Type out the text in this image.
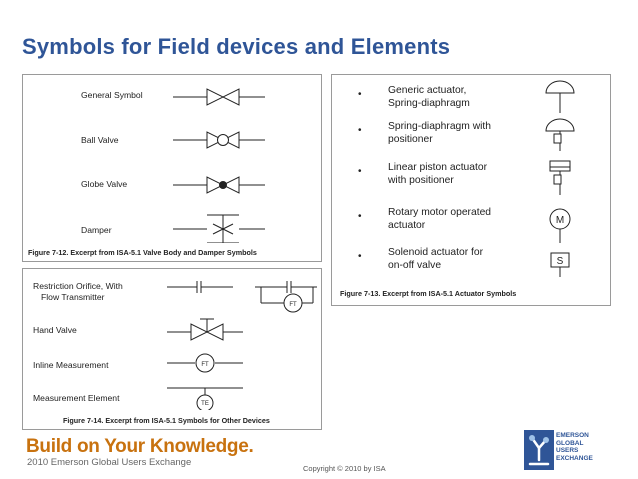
Symbols for Field devices and Elements
General Symbol
Ball Valve
Globe Valve
Damper
Figure 7-12. Excerpt from ISA-5.1 Valve Body and Damper Symbols
•	Generic actuator,
Spring-diaphragm
•	Spring-diaphragm with
positioner
•	Linear piston actuator
with positioner
•	Rotary motor operated
actuator
•	Solenoid actuator for
on-off valve
M
S
Figure 7-13. Excerpt from ISA-5.1 Actuator Symbols
Restriction Orifice, With
Flow Transmitter
Hand Valve
Inline Measurement
Measurement Element
FT
FT
TE
Figure 7-14. Excerpt from ISA-5.1 Symbols for Other Devices
Build on Your Knowledge.
2010 Emerson Global Users Exchange
Copyright © 2010 by ISA
EMERSON
GLOBAL
USERS
EXCHANGE
